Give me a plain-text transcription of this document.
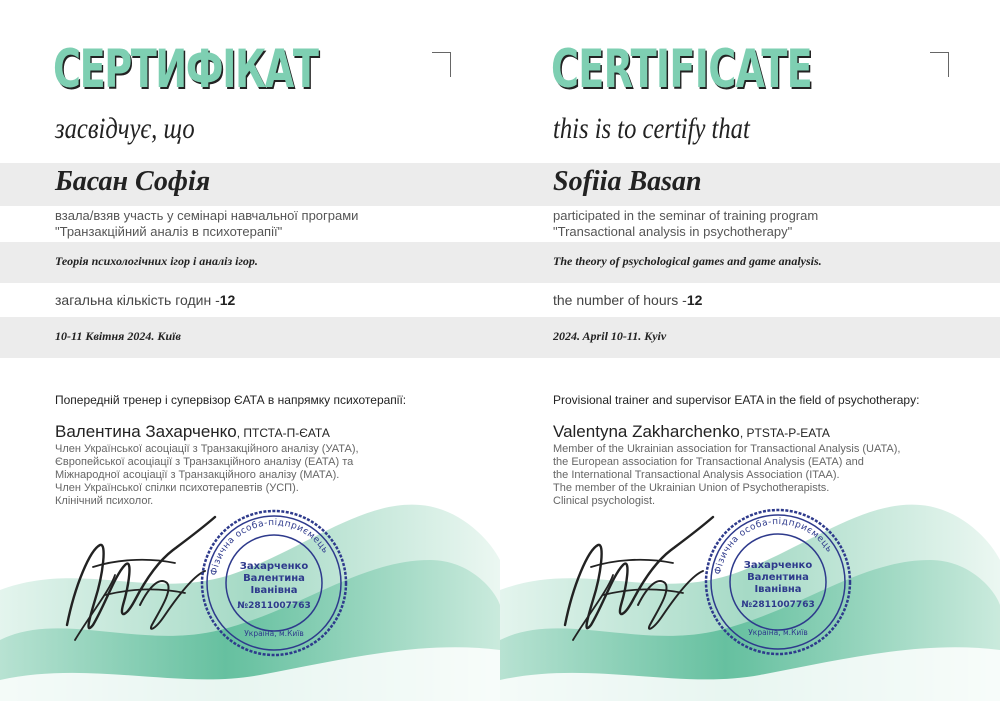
СЕРТИФІКАТ
засвідчує, що
Басан Софія
взала/взяв участь у семінарі навчальної програми
"Транзакційний аналіз в психотерапії"
Теорія психологічних ігор і аналіз ігор.
загальна кількість годин -12
10-11 Квітня 2024. Київ
Попередній тренер і супервізор ЄАТА в напрямку психотерапії:
Валентина Захарченко, ПТСТА-П-ЄАТА
Член Української асоціації з Транзакційного аналізу (УАТА),
Європейської асоціації з Транзакційного аналізу (ЕАТА) та
Міжнародної асоціації з Транзакційного аналізу (МАТА).
Член Української спілки психотерапевтів (УСП).
Клінічний психолог.
CERTIFICATE
this is to certify that
Sofiia Basan
participated in the seminar of training program
"Transactional analysis in psychotherapy"
The theory of psychological games and game analysis.
the number of hours -12
2024. April 10-11. Kyiv
Provisional trainer and supervisor EATA in the field of psychotherapy:
Valentyna Zakharchenko, PTSTA-P-EATA
Member of the Ukrainian association for Transactional Analysis (UATA),
the European association for Transactional Analysis (EATA) and
the International Transactional Analysis Association (ITAA).
The member of the Ukrainian Union of Psychotherapists.
Clinical psychologist.
Фізична особа-підприємець
Захарченко
Валентина
Іванівна
№2811007763
Україна, м.Київ
Фізична особа-підприємець
Захарченко
Валентина
Іванівна
№2811007763
Україна, м.Київ
